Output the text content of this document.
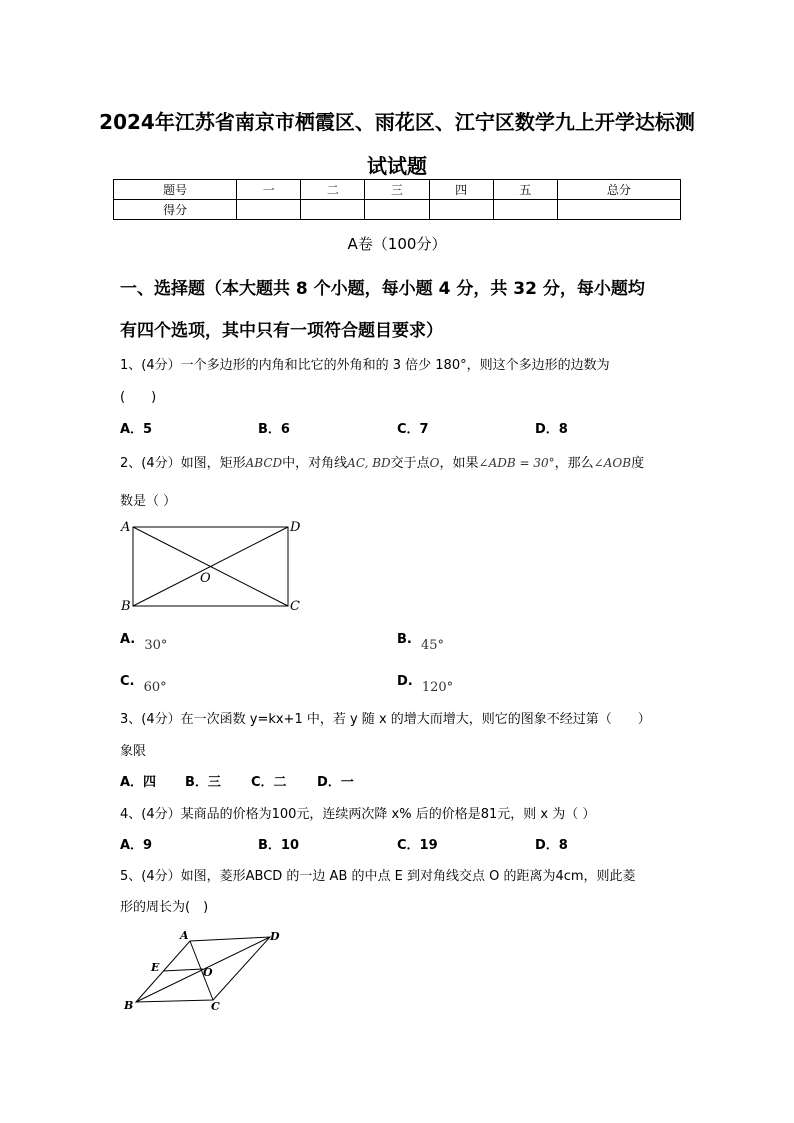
2024年江苏省南京市栖霞区、雨花区、江宁区数学九上开学达标测
试试题
题号	一	二	三	四	五	总分
得分						
A卷（100分）
一、选择题（本大题共 8 个小题，每小题 4 分，共 32 分，每小题均
有四个选项，其中只有一项符合题目要求）
1、(4分）一个多边形的内角和比它的外角和的 3 倍少 180°，则这个多边形的边数为
(　　)
A．5	B．6	C．7	D．8
2、(4分）如图，矩形ABCD中，对角线AC, BD交于点O，如果∠ADB = 30°，那么∠AOB度
数是（ ）
A	D
O
B	C
A. $_{30^\circ}$	B. $_{45^\circ}$
C. $_{60^\circ}$	D. $_{120^\circ}$
3、(4分）在一次函数 y=kx+1 中，若 y 随 x 的增大而增大，则它的图象不经过第（　　）
象限
A．四 B．三 C．二 D．一
4、(4分）某商品的价格为100元，连续两次降 x% 后的价格是81元，则 x 为（ ）
A．9	B．10	C．19	D．8
5、(4分）如图，菱形ABCD 的一边 AB 的中点 E 到对角线交点 O 的距离为4cm，则此菱
形的周长为(　)
A	D
E	O
B	C
